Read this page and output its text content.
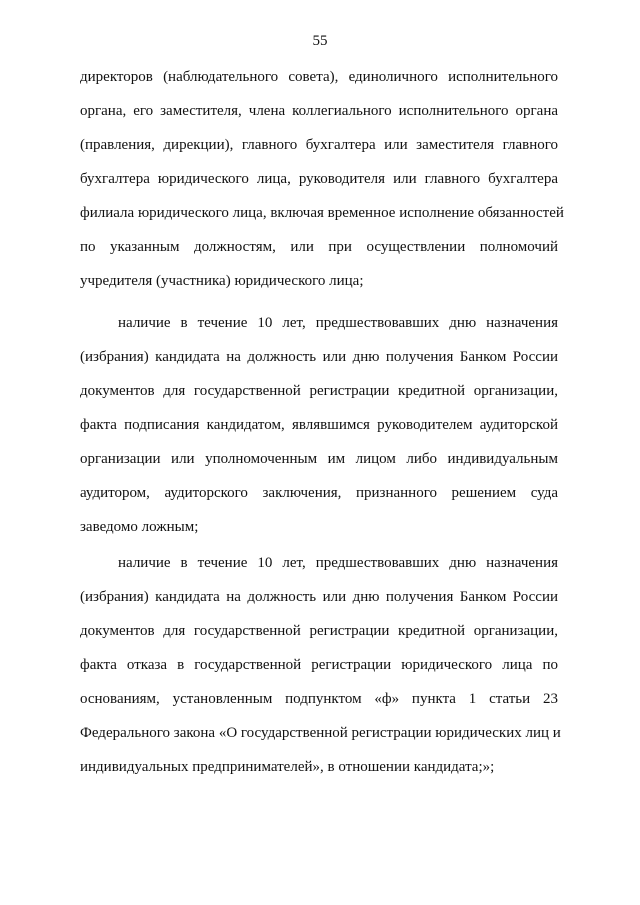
55
директоров (наблюдательного совета), единоличного исполнительного
органа, его заместителя, члена коллегиального исполнительного органа
(правления, дирекции), главного бухгалтера или заместителя главного
бухгалтера юридического лица, руководителя или главного бухгалтера
филиала юридического лица, включая временное исполнение обязанностей
по указанным должностям, или при осуществлении полномочий
учредителя (участника) юридического лица;
наличие в течение 10 лет, предшествовавших дню назначения
(избрания) кандидата на должность или дню получения Банком России
документов для государственной регистрации кредитной организации,
факта подписания кандидатом, являвшимся руководителем аудиторской
организации или уполномоченным им лицом либо индивидуальным
аудитором, аудиторского заключения, признанного решением суда
заведомо ложным;
наличие в течение 10 лет, предшествовавших дню назначения
(избрания) кандидата на должность или дню получения Банком России
документов для государственной регистрации кредитной организации,
факта отказа в государственной регистрации юридического лица по
основаниям, установленным подпунктом «ф» пункта 1 статьи 23
Федерального закона «О государственной регистрации юридических лиц и
индивидуальных предпринимателей», в отношении кандидата;»;
